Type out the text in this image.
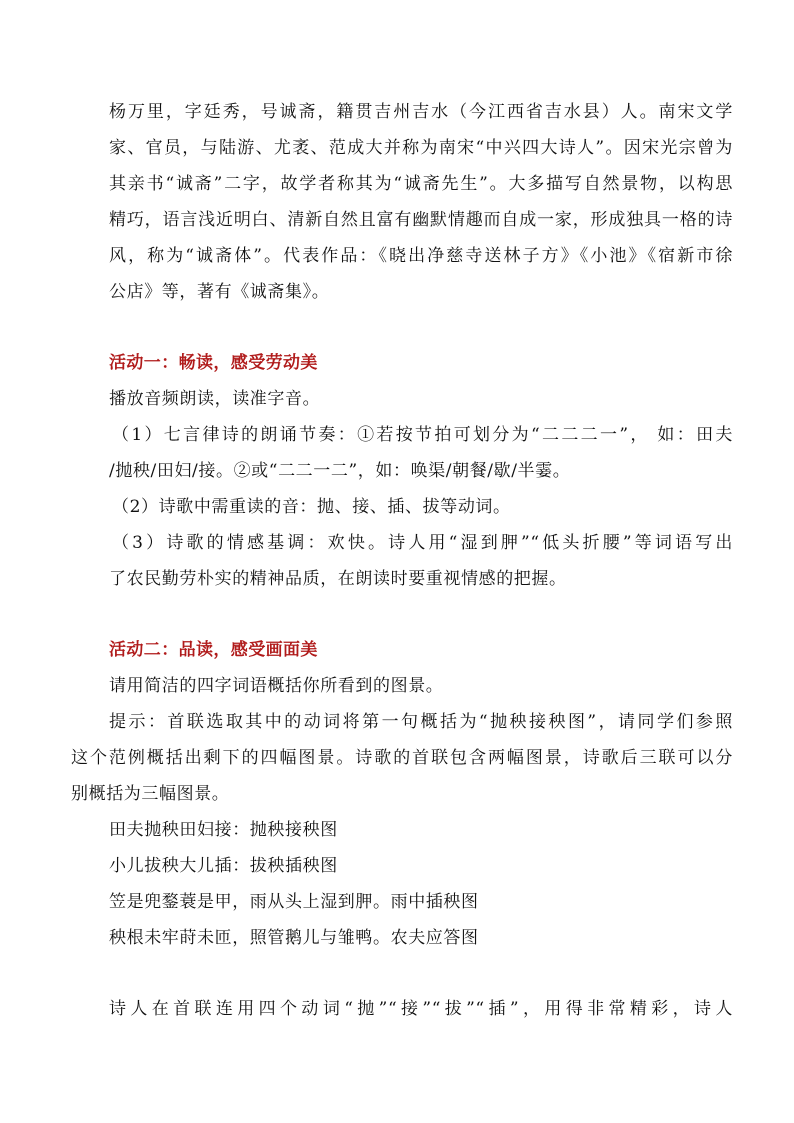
杨万里，字廷秀，号诚斋，籍贯吉州吉水（今江西省吉水县）人。南宋文学
家、官员，与陆游、尤袤、范成大并称为南宋“中兴四大诗人”。因宋光宗曾为
其亲书“诚斋”二字，故学者称其为“诚斋先生”。大多描写自然景物，以构思
精巧，语言浅近明白、清新自然且富有幽默情趣而自成一家，形成独具一格的诗
风，称为“诚斋体”。代表作品：《晓出净慈寺送林子方》《小池》《宿新市徐
公店》等，著有《诚斋集》。
活动一：畅读，感受劳动美
播放音频朗读，读准字音。
（1）七言律诗的朗诵节奏：①若按节拍可划分为“二二二一”， 如：田夫
/抛秧/田妇/接。②或“二二一二”，如：唤渠/朝餐/歇/半霎。
（2）诗歌中需重读的音：抛、接、插、拔等动词。
（3）诗歌的情感基调：欢快。诗人用“湿到胛”“低头折腰”等词语写出
了农民勤劳朴实的精神品质，在朗读时要重视情感的把握。
活动二：品读，感受画面美
请用简洁的四字词语概括你所看到的图景。
提示：首联选取其中的动词将第一句概括为“抛秧接秧图”，请同学们参照
这个范例概括出剩下的四幅图景。诗歌的首联包含两幅图景，诗歌后三联可以分
别概括为三幅图景。
田夫抛秧田妇接：抛秧接秧图
小儿拔秧大儿插：拔秧插秧图
笠是兜鍪蓑是甲，雨从头上湿到胛。雨中插秧图
秧根未牢莳未匝，照管鹅儿与雏鸭。农夫应答图
诗人在首联连用四个动词“抛”“接”“拔”“插”，用得非常精彩，诗人
